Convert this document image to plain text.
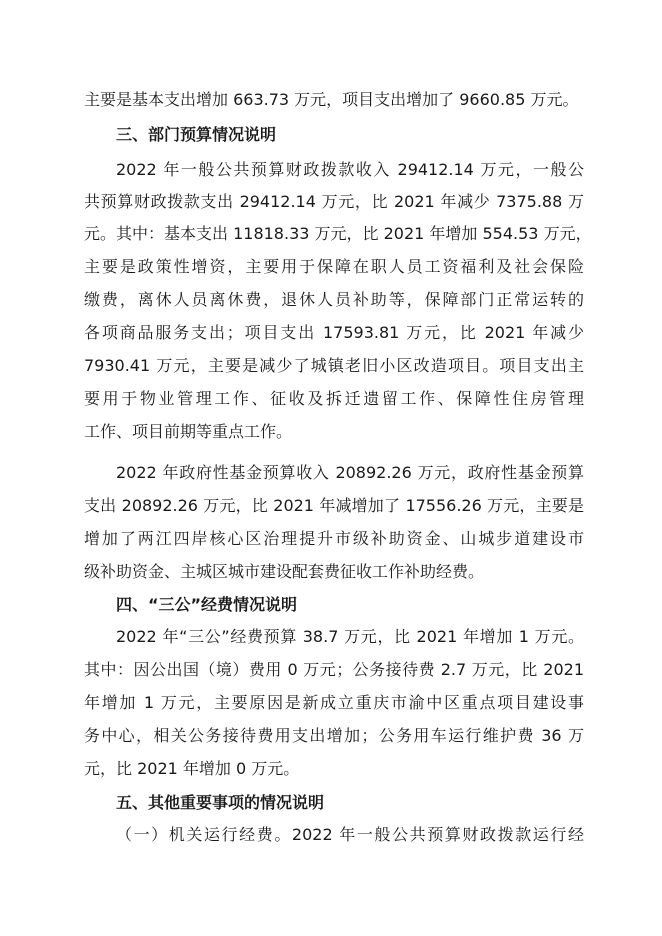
主要是基本支出增加 663.73 万元，项目支出增加了 9660.85 万元。
三、部门预算情况说明
2022 年一般公共预算财政拨款收入 29412.14 万元，一般公
共预算财政拨款支出 29412.14 万元，比 2021 年减少 7375.88 万
元。其中：基本支出 11818.33 万元，比 2021 年增加 554.53 万元，
主要是政策性增资，主要用于保障在职人员工资福利及社会保险
缴费，离休人员离休费，退休人员补助等，保障部门正常运转的
各项商品服务支出；项目支出 17593.81 万元，比 2021 年减少
7930.41 万元，主要是减少了城镇老旧小区改造项目。项目支出主
要用于物业管理工作、征收及拆迁遗留工作、保障性住房管理
工作、项目前期等重点工作。
2022 年政府性基金预算收入 20892.26 万元，政府性基金预算
支出 20892.26 万元，比 2021 年减增加了 17556.26 万元，主要是
增加了两江四岸核心区治理提升市级补助资金、山城步道建设市
级补助资金、主城区城市建设配套费征收工作补助经费。
四、“三公”经费情况说明
2022 年“三公”经费预算 38.7 万元，比 2021 年增加 1 万元。
其中：因公出国（境）费用 0 万元；公务接待费 2.7 万元，比 2021
年增加 1 万元，主要原因是新成立重庆市渝中区重点项目建设事
务中心，相关公务接待费用支出增加；公务用车运行维护费 36 万
元，比 2021 年增加 0 万元。
五、其他重要事项的情况说明
（一）机关运行经费。2022 年一般公共预算财政拨款运行经
